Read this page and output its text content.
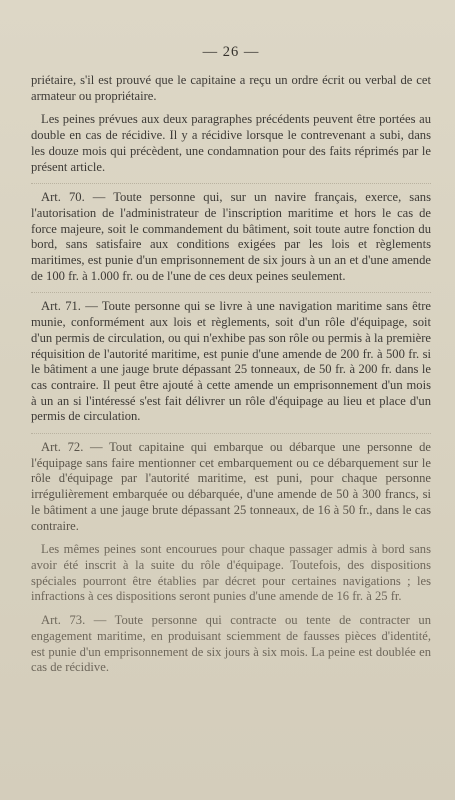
— 26 —

priétaire, s'il est prouvé que le capitaine a reçu un ordre écrit ou verbal de cet armateur ou propriétaire.

Les peines prévues aux deux paragraphes précédents peuvent être portées au double en cas de récidive. Il y a récidive lorsque le contrevenant a subi, dans les douze mois qui précèdent, une condamnation pour des faits réprimés par le présent article.

Art. 70. — Toute personne qui, sur un navire français, exerce, sans l'autorisation de l'administrateur de l'inscription maritime et hors le cas de force majeure, soit le commandement du bâtiment, soit toute autre fonction du bord, sans satisfaire aux conditions exigées par les lois et règlements maritimes, est punie d'un emprisonnement de six jours à un an et d'une amende de 100 fr. à 1.000 fr. ou de l'une de ces deux peines seulement.

Art. 71. — Toute personne qui se livre à une navigation maritime sans être munie, conformément aux lois et règlements, soit d'un rôle d'équipage, soit d'un permis de circulation, ou qui n'exhibe pas son rôle ou permis à la première réquisition de l'autorité maritime, est punie d'une amende de 200 fr. à 500 fr. si le bâtiment a une jauge brute dépassant 25 tonneaux, de 50 fr. à 200 fr. dans le cas contraire. Il peut être ajouté à cette amende un emprisonnement d'un mois à un an si l'intéressé s'est fait délivrer un rôle d'équipage au lieu et place d'un permis de circulation.

Art. 72. — Tout capitaine qui embarque ou débarque une personne de l'équipage sans faire mentionner cet embarquement ou ce débarquement sur le rôle d'équipage par l'autorité maritime, est puni, pour chaque personne irrégulièrement embarquée ou débarquée, d'une amende de 50 à 300 francs, si le bâtiment a une jauge brute dépassant 25 tonneaux, de 16 à 50 fr., dans le cas contraire.

Les mêmes peines sont encourues pour chaque passager admis à bord sans avoir été inscrit à la suite du rôle d'équipage. Toutefois, des dispositions spéciales pourront être établies par décret pour certaines navigations ; les infractions à ces dispositions seront punies d'une amende de 16 fr. à 25 fr.

Art. 73. — Toute personne qui contracte ou tente de contracter un engagement maritime, en produisant sciemment de fausses pièces d'identité, est punie d'un emprisonnement de six jours à six mois. La peine est doublée en cas de récidive.
